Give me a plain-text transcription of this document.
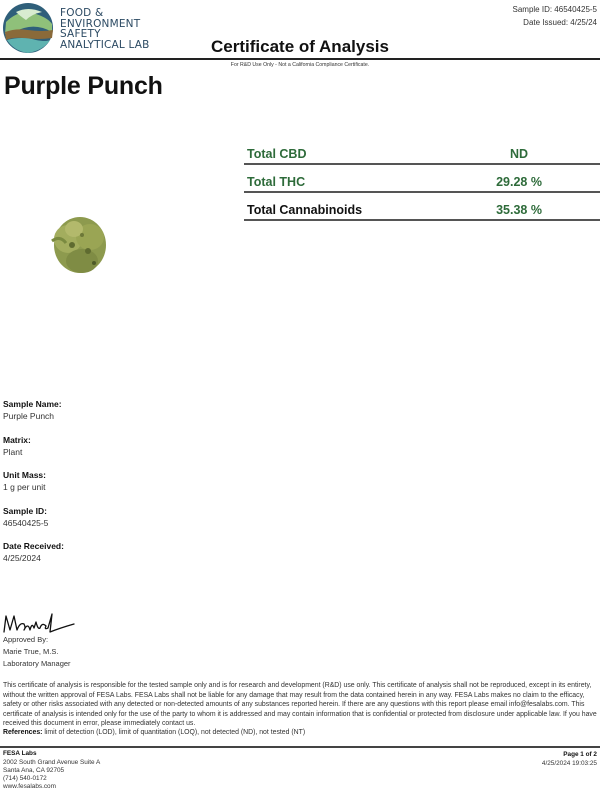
FOOD &
ENVIRONMENT
SAFETY
ANALYTICAL LAB
Sample ID: 46540425-5
Date Issued: 4/25/24
Certificate of Analysis
For R&D Use Only - Not a California Compliance Certificate.
Purple Punch
Total CBD	ND
Total THC	29.28 %
Total Cannabinoids	35.38 %
Sample Name:
Purple Punch
Matrix:
Plant
Unit Mass:
1 g per unit
Sample ID:
46540425-5
Date Received:
4/25/2024
Approved By:
Marie True, M.S.
Laboratory Manager
This certificate of analysis is responsible for the tested sample only and is for research and development (R&D) use only. This certificate of analysis shall not be reproduced, except in its entirety, without the written approval of FESA Labs. FESA Labs shall not be liable for any damage that may result from the data contained herein in any way. FESA Labs makes no claim to the efficacy, safety or other risks associated with any detected or non-detected amounts of any substances reported herein. If there are any questions with this report please email info@fesalabs.com. This certificate of analysis is intended only for the use of the party to whom it is addressed and may contain information that is confidential or protected from disclosure under applicable law. If you have received this document in error, please immediately contact us.
References: limit of detection (LOD), limit of quantitation (LOQ), not detected (ND), not tested (NT)
FESA Labs
2002 South Grand Avenue Suite A
Santa Ana, CA 92705
(714) 540-0172
www.fesalabs.com
Page 1 of 2
4/25/2024 19:03:25
